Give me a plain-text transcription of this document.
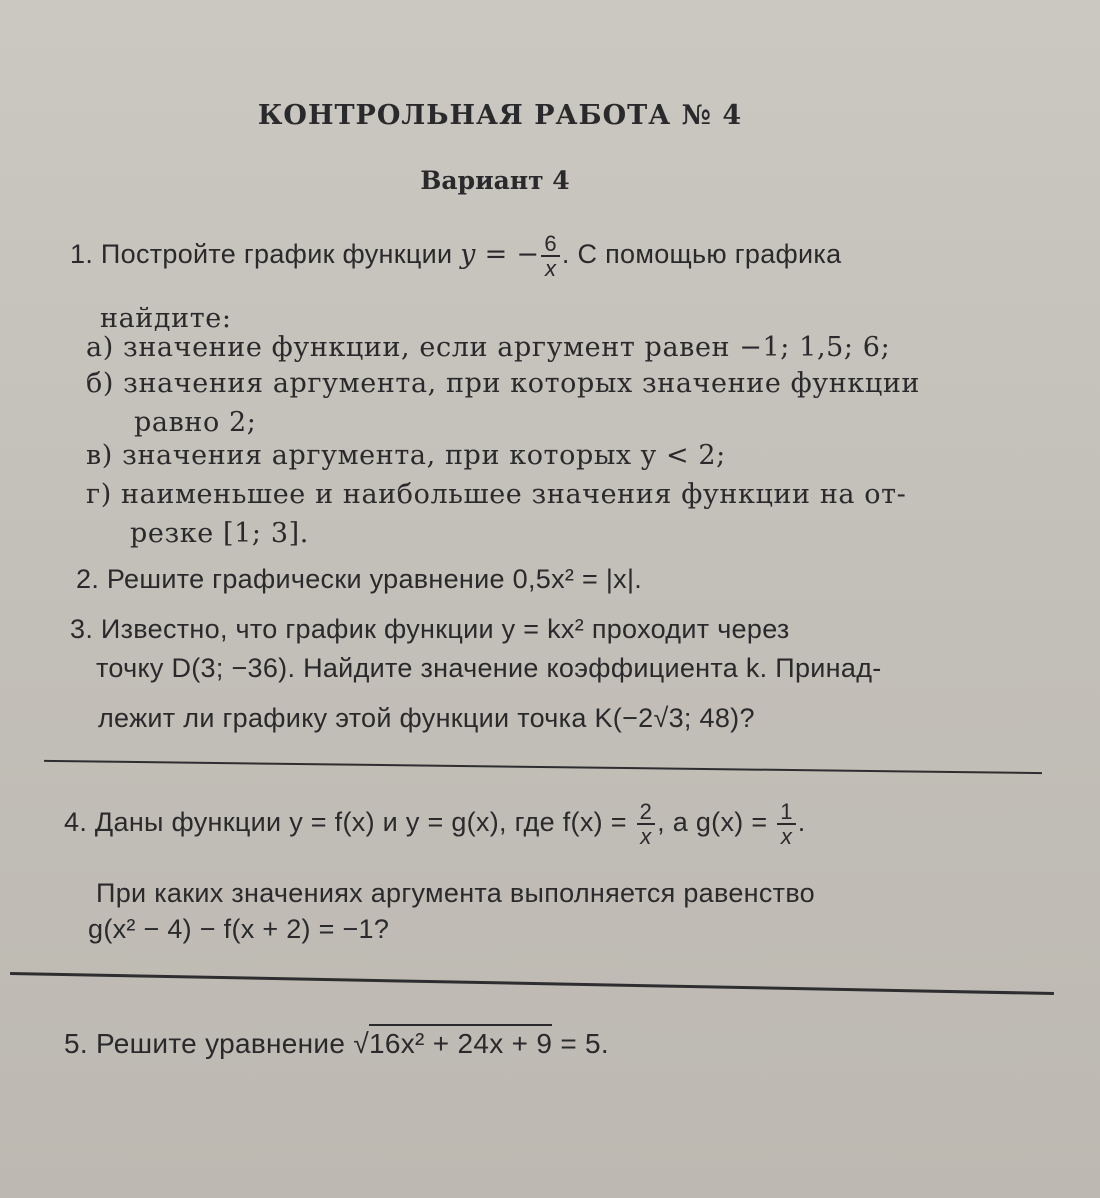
КОНТРОЛЬНАЯ РАБОТА № 4
Вариант 4
1. Постройте график функции y = − $\frac{6}{x}$ . С помощью графика
найдите:
а) значение функции, если аргумент равен −1; 1,5; 6;
б) значения аргумента, при которых значение функции
равно 2;
в) значения аргумента, при которых y < 2;
г) наименьшее и наибольшее значения функции на от-
резке [1; 3].
2. Решите графически уравнение 0,5x² = |x|.
3. Известно, что график функции y = kx² проходит через
точку D(3; −36). Найдите значение коэффициента k. Принад-
лежит ли графику этой функции точка K(−2√3; 48)?
4. Даны функции y = f(x) и y = g(x), где $f(x) = \frac{2}{x}$ , а $g(x) = \frac{1}{x}$ .
При каких значениях аргумента выполняется равенство
g(x² − 4) − f(x + 2) = −1?
5. Решите уравнение √16x² + 24x + 9 = 5.
